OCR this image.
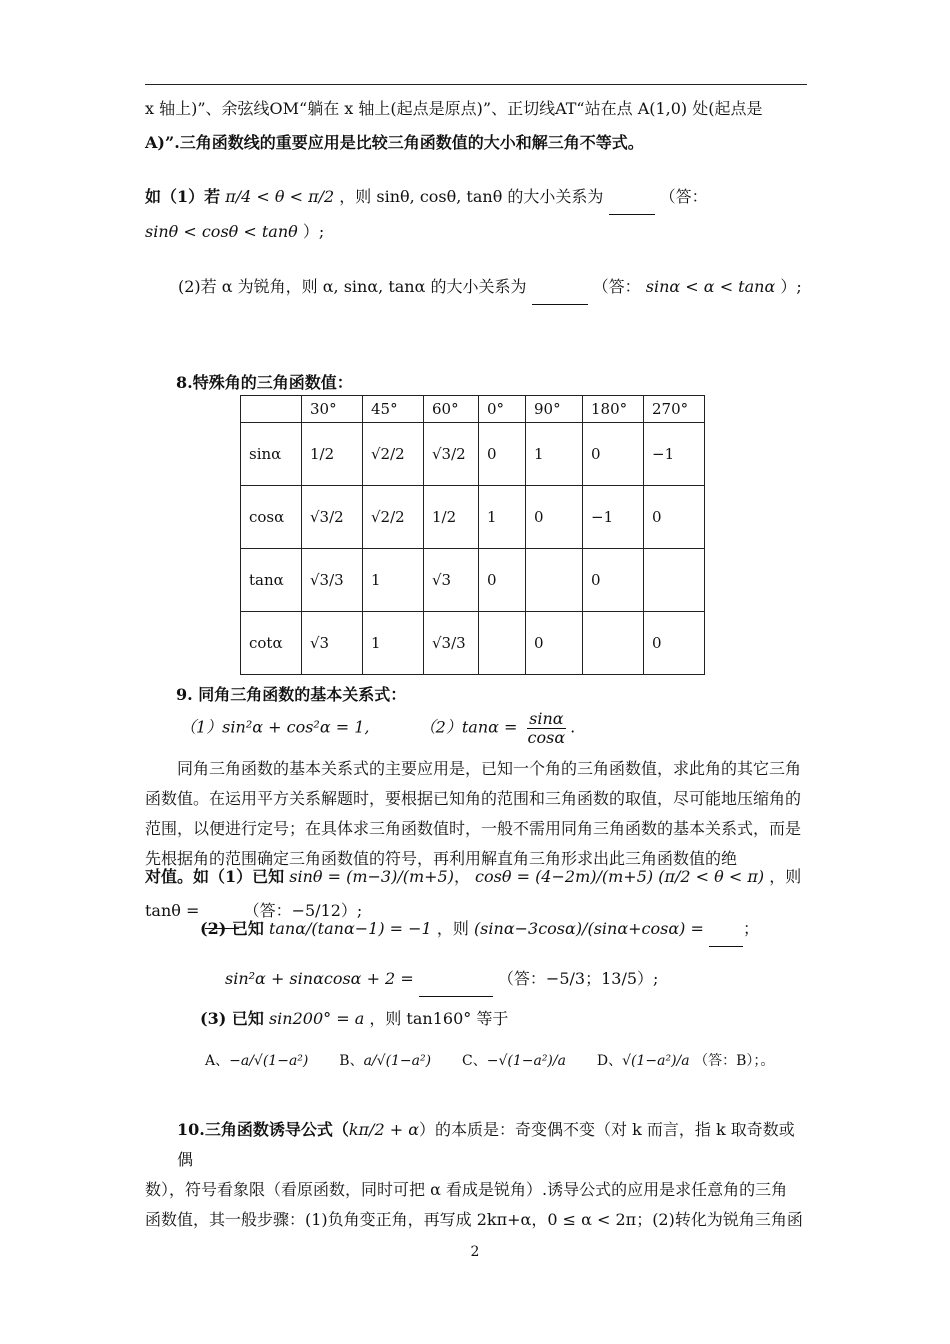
x 轴上)”、余弦线OM“躺在 x 轴上(起点是原点)”、正切线AT“站在点 A(1,0) 处(起点是
A)”.三角函数线的重要应用是比较三角函数值的大小和解三角不等式。
如（1）若 π/4 < θ < π/2 ，则 sinθ, cosθ, tanθ 的大小关系为	（答：
sinθ < cosθ < tanθ ）;
(2)若 α 为锐角，则 α, sinα, tanα 的大小关系为	（答： sinα < α < tanα ）;
8.特殊角的三角函数值：
	30°	45°	60°	0°	90°	180°	270°
sinα	1/2	√2/2	√3/2	0	1	0	−1
cosα	√3/2	√2/2	1/2	1	0	−1	0
tanα	√3/3	1	√3	0		0	
cotα	√3	1	√3/3		0		0
9. 同角三角函数的基本关系式：
（1）sin²α + cos²α = 1,	$(2)\tan\alpha = \frac{\sin\alpha}{\cos\alpha}$ .
同角三角函数的基本关系式的主要应用是，已知一个角的三角函数值，求此角的其它三角函数值。在运用平方关系解题时，要根据已知角的范围和三角函数的取值，尽可能地压缩角的范围，以便进行定号；在具体求三角函数值时，一般不需用同角三角函数的基本关系式，而是先根据角的范围确定三角函数值的符号，再利用解直角三角形求出此三角函数值的绝
对值。如（1）已知 sinθ = (m−3)/(m+5)， cosθ = (4−2m)/(m+5) (π/2 < θ < π) ，则 tanθ =	（答：−5/12）;
(2) 已知 tanα/(tanα−1) = −1 ，则 (sinα−3cosα)/(sinα+cosα) = ；
sin²α + sinαcosα + 2 =	（答：−5/3；13/5）;
(3) 已知 sin200° = a ，则 tan160° 等于
A、−a/√(1−a²) B、a/√(1−a²) C、−√(1−a²)/a D、√(1−a²)/a （答：B）；。
10.三角函数诱导公式（kπ/2 + α）的本质是：奇变偶不变（对 k 而言，指 k 取奇数或偶
数），符号看象限（看原函数，同时可把 α 看成是锐角）.诱导公式的应用是求任意角的三角
函数值，其一般步骤：(1)负角变正角，再写成 2kπ+α，0 ≤ α < 2π；(2)转化为锐角三角函
2
